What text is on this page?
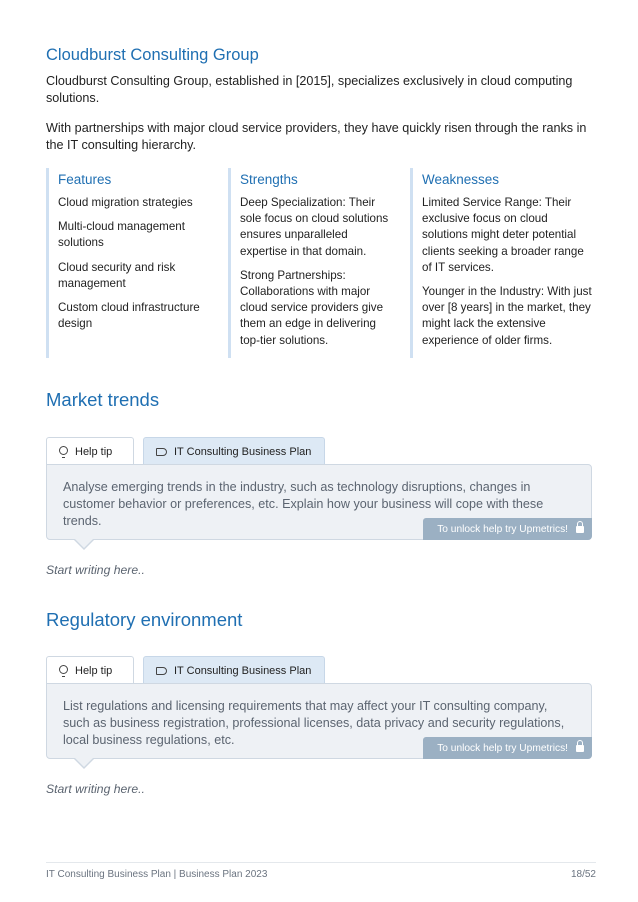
Cloudburst Consulting Group
Cloudburst Consulting Group, established in [2015], specializes exclusively in cloud computing solutions.
With partnerships with major cloud service providers, they have quickly risen through the ranks in the IT consulting hierarchy.
Features
Cloud migration strategies
Multi-cloud management solutions
Cloud security and risk management
Custom cloud infrastructure design
Strengths
Deep Specialization: Their sole focus on cloud solutions ensures unparalleled expertise in that domain.
Strong Partnerships: Collaborations with major cloud service providers give them an edge in delivering top-tier solutions.
Weaknesses
Limited Service Range: Their exclusive focus on cloud solutions might deter potential clients seeking a broader range of IT services.
Younger in the Industry: With just over [8 years] in the market, they might lack the extensive experience of older firms.
Market trends
Help tip	IT Consulting Business Plan
Analyse emerging trends in the industry, such as technology disruptions, changes in customer behavior or preferences, etc. Explain how your business will cope with these trends.
To unlock help try Upmetrics!
Start writing here..
Regulatory environment
Help tip	IT Consulting Business Plan
List regulations and licensing requirements that may affect your IT consulting company, such as business registration, professional licenses, data privacy and security regulations, local business regulations, etc.
To unlock help try Upmetrics!
Start writing here..
IT Consulting Business Plan | Business Plan 2023	18/52
